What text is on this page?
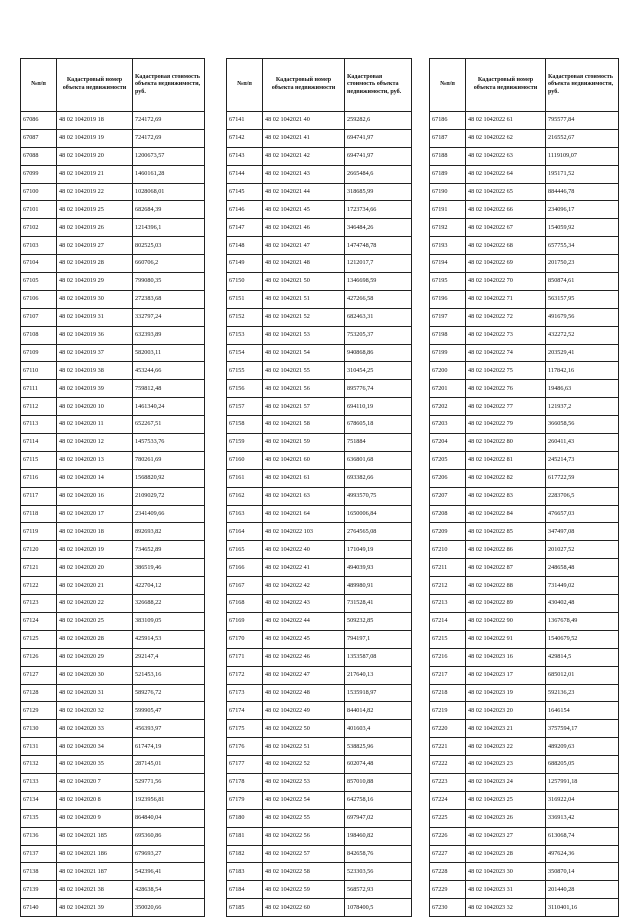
№п/п	Кадастровый номер объекта недвижимости	Кадастровая стоимость объекта недвижимости, руб.
67086	48 02 1042019 18	724172,69
67087	48 02 1042019 19	724172,69
67088	48 02 1042019 20	1200673,57
67099	48 02 1042019 21	1460161,28
67100	48 02 1042019 22	1028068,01
67101	48 02 1042019 25	682684,39
67102	48 02 1042019 26	1214396,1
67103	48 02 1042019 27	802525,03
67104	48 02 1042019 28	660706,2
67105	48 02 1042019 29	799080,35
67106	48 02 1042019 30	272383,68
67107	48 02 1042019 31	332797,24
67108	48 02 1042019 36	632393,89
67109	48 02 1042019 37	582003,11
67110	48 02 1042019 38	453244,66
67111	48 02 1042019 39	759812,48
67112	48 02 1042020 10	1461340,24
67113	48 02 1042020 11	652267,51
67114	48 02 1042020 12	1457533,76
67115	48 02 1042020 13	780261,69
67116	48 02 1042020 14	1568820,92
67117	48 02 1042020 16	2109029,72
67118	48 02 1042020 17	2341409,66
67119	48 02 1042020 18	892693,82
67120	48 02 1042020 19	734652,89
67121	48 02 1042020 20	386519,46
67122	48 02 1042020 21	422704,12
67123	48 02 1042020 22	326688,22
67124	48 02 1042020 25	383109,05
67125	48 02 1042020 28	425914,53
67126	48 02 1042020 29	292147,4
67127	48 02 1042020 30	521453,16
67128	48 02 1042020 31	589276,72
67129	48 02 1042020 32	599905,47
67130	48 02 1042020 33	456393,97
67131	48 02 1042020 34	617474,19
67132	48 02 1042020 35	287145,01
67133	48 02 1042020 7	529771,56
67134	48 02 1042020 8	1923956,81
67135	48 02 1042020 9	864840,04
67136	48 02 1042021 185	695360,86
67137	48 02 1042021 186	679693,27
67138	48 02 1042021 187	542396,41
67139	48 02 1042021 38	428638,54
67140	48 02 1042021 39	350020,66
№п/п	Кадастровый номер объекта недвижимости	Кадастровая стоимость объекта недвижимости, руб.
67141	48 02 1042021 40	259282,6
67142	48 02 1042021 41	694741,97
67143	48 02 1042021 42	694741,97
67144	48 02 1042021 43	2665484,6
67145	48 02 1042021 44	318685,99
67146	48 02 1042021 45	1723734,66
67147	48 02 1042021 46	346484,26
67148	48 02 1042021 47	1474748,78
67149	48 02 1042021 48	1212017,7
67150	48 02 1042021 50	1346698,59
67151	48 02 1042021 51	427266,58
67152	48 02 1042021 52	682463,31
67153	48 02 1042021 53	753205,37
67154	48 02 1042021 54	940868,86
67155	48 02 1042021 55	310454,25
67156	48 02 1042021 56	895776,74
67157	48 02 1042021 57	694110,19
67158	48 02 1042021 58	678605,18
67159	48 02 1042021 59	751884
67160	48 02 1042021 60	636801,68
67161	48 02 1042021 61	693382,66
67162	48 02 1042021 63	4993570,75
67163	48 02 1042021 64	1650006,84
67164	48 02 1042022 103	2764565,08
67165	48 02 1042022 40	171049,19
67166	48 02 1042022 41	494039,93
67167	48 02 1042022 42	489980,91
67168	48 02 1042022 43	731528,41
67169	48 02 1042022 44	509232,85
67170	48 02 1042022 45	794197,1
67171	48 02 1042022 46	1353587,08
67172	48 02 1042022 47	217640,13
67173	48 02 1042022 48	1535918,97
67174	48 02 1042022 49	844014,82
67175	48 02 1042022 50	401603,4
67176	48 02 1042022 51	538825,96
67177	48 02 1042022 52	602074,48
67178	48 02 1042022 53	857010,88
67179	48 02 1042022 54	642758,16
67180	48 02 1042022 55	697947,02
67181	48 02 1042022 56	198460,82
67182	48 02 1042022 57	842658,76
67183	48 02 1042022 58	523303,56
67184	48 02 1042022 59	568572,93
67185	48 02 1042022 60	1078400,5
№п/п	Кадастровый номер объекта недвижимости	Кадастровая стоимость объекта недвижимости, руб.
67186	48 02 1042022 61	795577,84
67187	48 02 1042022 62	216552,67
67188	48 02 1042022 63	1119109,07
67189	48 02 1042022 64	195171,52
67190	48 02 1042022 65	884446,78
67191	48 02 1042022 66	234096,17
67192	48 02 1042022 67	154059,92
67193	48 02 1042022 68	657755,34
67194	48 02 1042022 69	201750,23
67195	48 02 1042022 70	850874,61
67196	48 02 1042022 71	563157,95
67197	48 02 1042022 72	491679,56
67198	48 02 1042022 73	432272,52
67199	48 02 1042022 74	203529,41
67200	48 02 1042022 75	117842,16
67201	48 02 1042022 76	19486,63
67202	48 02 1042022 77	121937,2
67203	48 02 1042022 79	366058,56
67204	48 02 1042022 80	260411,43
67205	48 02 1042022 81	245214,73
67206	48 02 1042022 82	617722,59
67207	48 02 1042022 83	2283706,5
67208	48 02 1042022 84	476657,03
67209	48 02 1042022 85	347497,08
67210	48 02 1042022 86	201027,52
67211	48 02 1042022 87	248658,48
67212	48 02 1042022 88	731449,02
67213	48 02 1042022 89	430402,48
67214	48 02 1042022 90	1367678,49
67215	48 02 1042022 91	1540679,52
67216	48 02 1042023 16	429814,5
67217	48 02 1042023 17	685012,01
67218	48 02 1042023 19	592136,23
67219	48 02 1042023 20	1646154
67220	48 02 1042023 21	3757594,17
67221	48 02 1042023 22	489209,63
67222	48 02 1042023 23	688205,05
67223	48 02 1042023 24	1257991,18
67224	48 02 1042023 25	316922,04
67225	48 02 1042023 26	336913,42
67226	48 02 1042023 27	613068,74
67227	48 02 1042023 28	497624,36
67228	48 02 1042023 30	350870,14
67229	48 02 1042023 31	201440,28
67230	48 02 1042023 32	3110401,16
